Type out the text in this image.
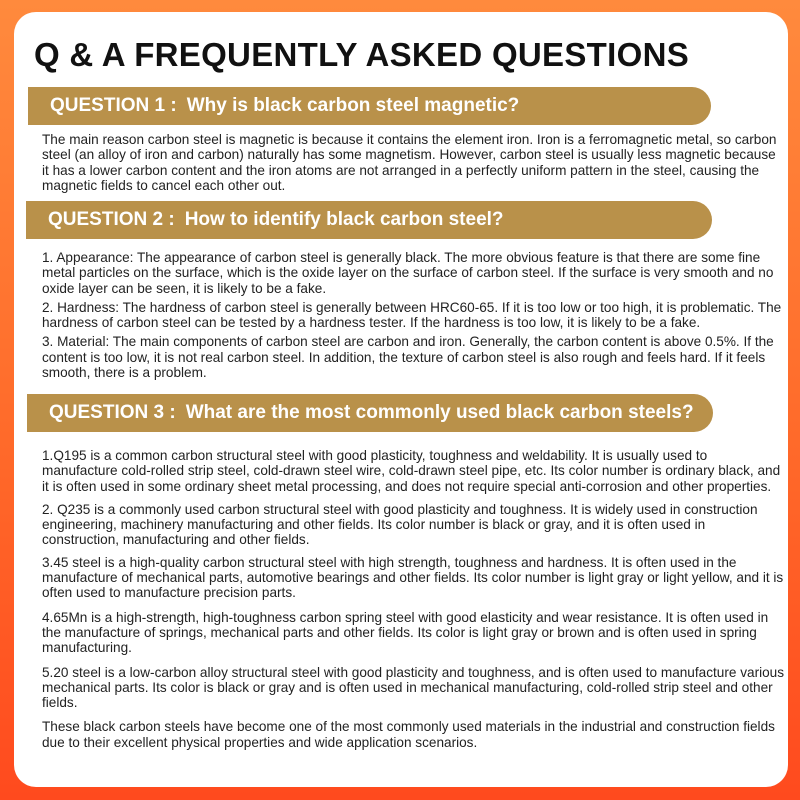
Q & A FREQUENTLY ASKED QUESTIONS
QUESTION 1 : Why is black carbon steel magnetic?

The main reason carbon steel is magnetic is because it contains the element iron. Iron is a ferromagnetic metal, so carbon steel (an alloy of iron and carbon) naturally has some magnetism. However, carbon steel is usually less magnetic because it has a lower carbon content and the iron atoms are not arranged in a perfectly uniform pattern in the steel, causing the magnetic fields to cancel each other out.

QUESTION 2 : How to identify black carbon steel?

1. Appearance: The appearance of carbon steel is generally black. The more obvious feature is that there are some fine metal particles on the surface, which is the oxide layer on the surface of carbon steel. If the surface is very smooth and no oxide layer can be seen, it is likely to be a fake.

2. Hardness: The hardness of carbon steel is generally between HRC60-65. If it is too low or too high, it is problematic. The hardness of carbon steel can be tested by a hardness tester. If the hardness is too low, it is likely to be a fake.

3. Material: The main components of carbon steel are carbon and iron. Generally, the carbon content is above 0.5%. If the content is too low, it is not real carbon steel. In addition, the texture of carbon steel is also rough and feels hard. If it feels smooth, there is a problem.

QUESTION 3 : What are the most commonly used black carbon steels?

1.Q195 is a common carbon structural steel with good plasticity, toughness and weldability. It is usually used to manufacture cold-rolled strip steel, cold-drawn steel wire, cold-drawn steel pipe, etc. Its color number is ordinary black, and it is often used in some ordinary sheet metal processing, and does not require special anti-corrosion and other properties.

2. Q235 is a commonly used carbon structural steel with good plasticity and toughness. It is widely used in construction engineering, machinery manufacturing and other fields. Its color number is black or gray, and it is often used in construction, manufacturing and other fields.

3.45 steel is a high-quality carbon structural steel with high strength, toughness and hardness. It is often used in the manufacture of mechanical parts, automotive bearings and other fields. Its color number is light gray or light yellow, and it is often used to manufacture precision parts.

4.65Mn is a high-strength, high-toughness carbon spring steel with good elasticity and wear resistance. It is often used in the manufacture of springs, mechanical parts and other fields. Its color is light gray or brown and is often used in spring manufacturing.

5.20 steel is a low-carbon alloy structural steel with good plasticity and toughness, and is often used to manufacture various mechanical parts. Its color is black or gray and is often used in mechanical manufacturing, cold-rolled strip steel and other fields.

These black carbon steels have become one of the most commonly used materials in the industrial and construction fields due to their excellent physical properties and wide application scenarios.
